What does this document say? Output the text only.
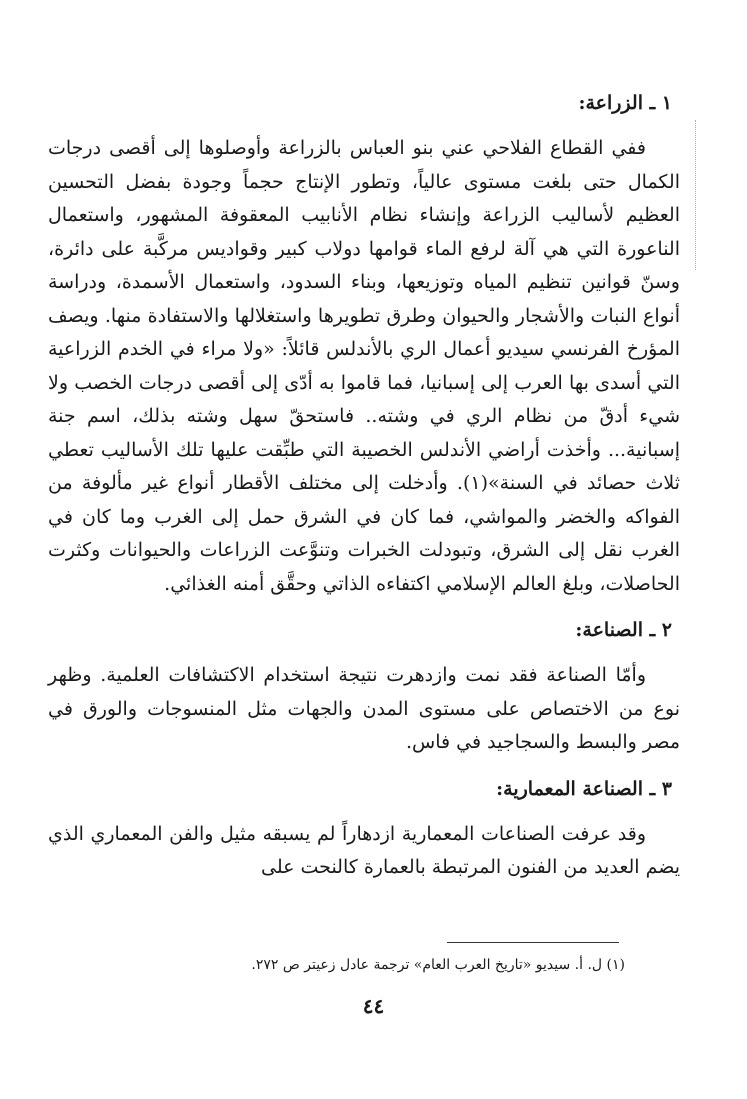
١ ـ الزراعة:

ففي القطاع الفلاحي عني بنو العباس بالزراعة وأوصلوها إلى أقصى درجات الكمال حتى بلغت مستوى عالياً، وتطور الإنتاج حجماً وجودة بفضل التحسين العظيم لأساليب الزراعة وإنشاء نظام الأنابيب المعقوفة المشهور، واستعمال الناعورة التي هي آلة لرفع الماء قوامها دولاب كبير وقواديس مركَّبة على دائرة، وسنّ قوانين تنظيم المياه وتوزيعها، وبناء السدود، واستعمال الأسمدة، ودراسة أنواع النبات والأشجار والحيوان وطرق تطويرها واستغلالها والاستفادة منها. ويصف المؤرخ الفرنسي سيديو أعمال الري بالأندلس قائلاً: «ولا مراء في الخدم الزراعية التي أسدى بها العرب إلى إسبانيا، فما قاموا به أدّى إلى أقصى درجات الخصب ولا شيء أدقّ من نظام الري في وشته.. فاستحقّ سهل وشته بذلك، اسم جنة إسبانية... وأخذت أراضي الأندلس الخصيبة التي طبِّقت عليها تلك الأساليب تعطي ثلاث حصائد في السنة»(١). وأدخلت إلى مختلف الأقطار أنواع غير مألوفة من الفواكه والخضر والمواشي، فما كان في الشرق حمل إلى الغرب وما كان في الغرب نقل إلى الشرق، وتبودلت الخبرات وتنوَّعت الزراعات والحيوانات وكثرت الحاصلات، وبلغ العالم الإسلامي اكتفاءه الذاتي وحقَّق أمنه الغذائي.

٢ ـ الصناعة:

وأمّا الصناعة فقد نمت وازدهرت نتيجة استخدام الاكتشافات العلمية. وظهر نوع من الاختصاص على مستوى المدن والجهات مثل المنسوجات والورق في مصر والبسط والسجاجيد في فاس.

٣ ـ الصناعة المعمارية:

وقد عرفت الصناعات المعمارية ازدهاراً لم يسبقه مثيل والفن المعماري الذي يضم العديد من الفنون المرتبطة بالعمارة كالنحت على

(١) ل. أ. سيديو «تاريخ العرب العام» ترجمة عادل زعيتر ص ٢٧٢.
٤٤
